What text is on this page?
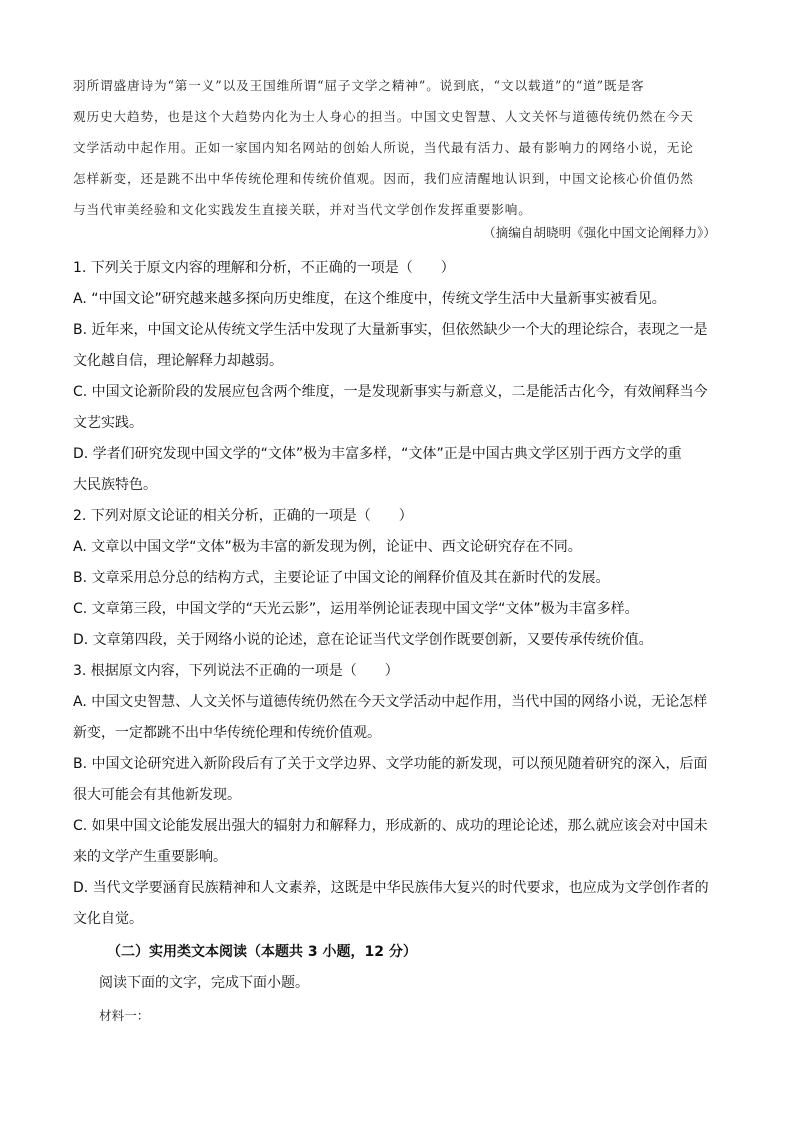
羽所谓盛唐诗为“第一义”以及王国维所谓“屈子文学之精神”。说到底，“文以载道”的“道”既是客
观历史大趋势，也是这个大趋势内化为士人身心的担当。中国文史智慧、人文关怀与道德传统仍然在今天
文学活动中起作用。正如一家国内知名网站的创始人所说，当代最有活力、最有影响力的网络小说，无论
怎样新变，还是跳不出中华传统伦理和传统价值观。因而，我们应清醒地认识到，中国文论核心价值仍然
与当代审美经验和文化实践发生直接关联，并对当代文学创作发挥重要影响。
（摘编自胡晓明《强化中国文论阐释力》）
1. 下列关于原文内容的理解和分析，不正确的一项是（　　）
A. “中国文论”研究越来越多探向历史维度，在这个维度中，传统文学生活中大量新事实被看见。
B. 近年来，中国文论从传统文学生活中发现了大量新事实，但依然缺少一个大的理论综合，表现之一是
文化越自信，理论解释力却越弱。
C. 中国文论新阶段的发展应包含两个维度，一是发现新事实与新意义，二是能活古化今，有效阐释当今
文艺实践。
D. 学者们研究发现中国文学的“文体”极为丰富多样，“文体”正是中国古典文学区别于西方文学的重
大民族特色。
2. 下列对原文论证的相关分析，正确的一项是（　　）
A. 文章以中国文学“文体”极为丰富的新发现为例，论证中、西文论研究存在不同。
B. 文章采用总分总的结构方式，主要论证了中国文论的阐释价值及其在新时代的发展。
C. 文章第三段，中国文学的“天光云影”，运用举例论证表现中国文学“文体”极为丰富多样。
D. 文章第四段，关于网络小说的论述，意在论证当代文学创作既要创新，又要传承传统价值。
3. 根据原文内容，下列说法不正确的一项是（　　）
A. 中国文史智慧、人文关怀与道德传统仍然在今天文学活动中起作用，当代中国的网络小说，无论怎样
新变，一定都跳不出中华传统伦理和传统价值观。
B. 中国文论研究进入新阶段后有了关于文学边界、文学功能的新发现，可以预见随着研究的深入，后面
很大可能会有其他新发现。
C. 如果中国文论能发展出强大的辐射力和解释力，形成新的、成功的理论论述，那么就应该会对中国未
来的文学产生重要影响。
D. 当代文学要涵育民族精神和人文素养，这既是中华民族伟大复兴的时代要求，也应成为文学创作者的
文化自觉。
（二）实用类文本阅读（本题共 3 小题，12 分）
阅读下面的文字，完成下面小题。
材料一：
